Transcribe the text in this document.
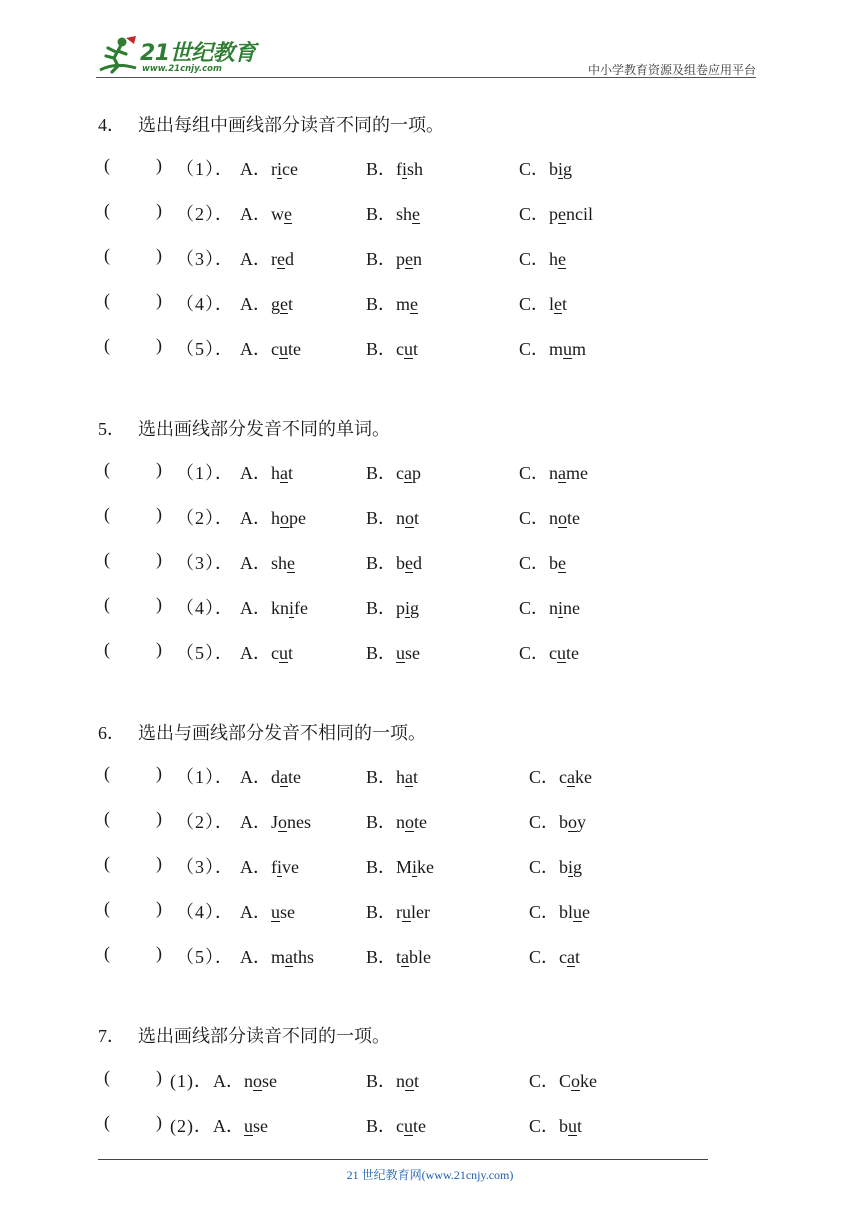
21世纪教育
www.21cnjy.com	中小学教育资源及组卷应用平台
4． 选出每组中画线部分读音不同的一项。
(	) （1）． A．rice	B．fish	C．big
(	) （2）． A．we	B．she	C．pencil
(	) （3）． A．red	B．pen	C．he
(	) （4）． A．get	B．me	C．let
(	) （5）． A．cute	B．cut	C．mum
5． 选出画线部分发音不同的单词。
(	) （1）． A．hat	B．cap	C．name
(	) （2）． A．hope	B．not	C．note
(	) （3）． A．she	B．bed	C．be
(	) （4）． A．knife	B．pig	C．nine
(	) （5）． A．cut	B．use	C．cute
6． 选出与画线部分发音不相同的一项。
(	) （1）． A．date	B．hat	C．cake
(	) （2）． A．Jones	B．note	C．boy
(	) （3）． A．five	B．Mike	C．big
(	) （4）． A．use	B．ruler	C．blue
(	) （5）． A．maths	B．table	C．cat
7． 选出画线部分读音不同的一项。
(	) (1)． A．nose	B．not	C．Coke
(	) (2)． A．use	B．cute	C．but
21 世纪教育网(www.21cnjy.com)
